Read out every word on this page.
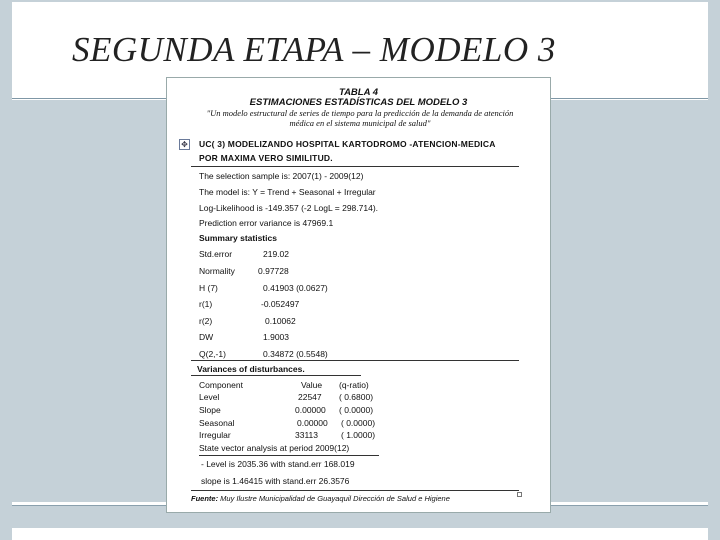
SEGUNDA ETAPA – MODELO 3
TABLA 4
ESTIMACIONES ESTADÍSTICAS DEL MODELO 3
"Un modelo estructural de series de tiempo para la predicción de la demanda de atención
médica en el sistema municipal de salud"
✥ UC( 3) MODELIZANDO HOSPITAL KARTODROMO -ATENCION-MEDICA
POR MAXIMA VERO SIMILITUD.
The selection sample is: 2007(1) - 2009(12)
The model is: Y = Trend + Seasonal + Irregular
Log-Likelihood is -149.357 (-2 LogL = 298.714).
Prediction error variance is 47969.1
Summary statistics
Std.error	219.02
Normality	0.97728
H (7)	0.41903 (0.0627)
r(1)	-0.052497
r(2)	0.10062
DW	1.9003
Q(2,-1)	0.34872 (0.5548)
Variances of disturbances.
Component	Value (q-ratio)
Level	22547 ( 0.6800)
Slope	0.00000 ( 0.0000)
Seasonal	0.00000 ( 0.0000)
Irregular	33113	( 1.0000)
State vector analysis at period 2009(12)
- Level is 2035.36 with stand.err 168.019
slope is 1.46415 with stand.err 26.3576
Fuente: Muy Ilustre Municipalidad de Guayaquil Dirección de Salud e Higiene
